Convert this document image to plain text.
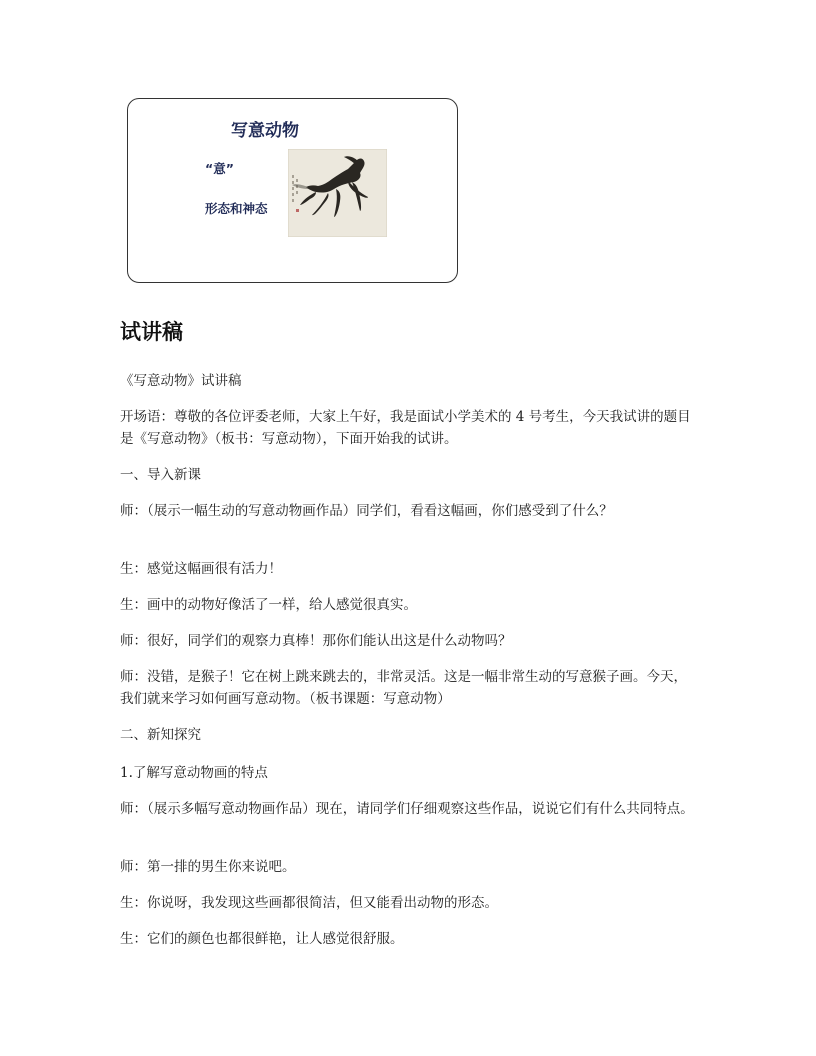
写意动物
“意”
形态和神态
试讲稿

《写意动物》试讲稿

开场语：尊敬的各位评委老师，大家上午好，我是面试小学美术的 4 号考生，今天我试讲的题目是《写意动物》（板书：写意动物），下面开始我的试讲。

一、导入新课

师：（展示一幅生动的写意动物画作品）同学们，看看这幅画，你们感受到了什么？

生：感觉这幅画很有活力！

生：画中的动物好像活了一样，给人感觉很真实。

师：很好，同学们的观察力真棒！那你们能认出这是什么动物吗？

师：没错，是猴子！它在树上跳来跳去的，非常灵活。这是一幅非常生动的写意猴子画。今天，我们就来学习如何画写意动物。（板书课题：写意动物）

二、新知探究

1.了解写意动物画的特点

师：（展示多幅写意动物画作品）现在，请同学们仔细观察这些作品，说说它们有什么共同特点。

师：第一排的男生你来说吧。

生：你说呀，我发现这些画都很简洁，但又能看出动物的形态。

生：它们的颜色也都很鲜艳，让人感觉很舒服。
